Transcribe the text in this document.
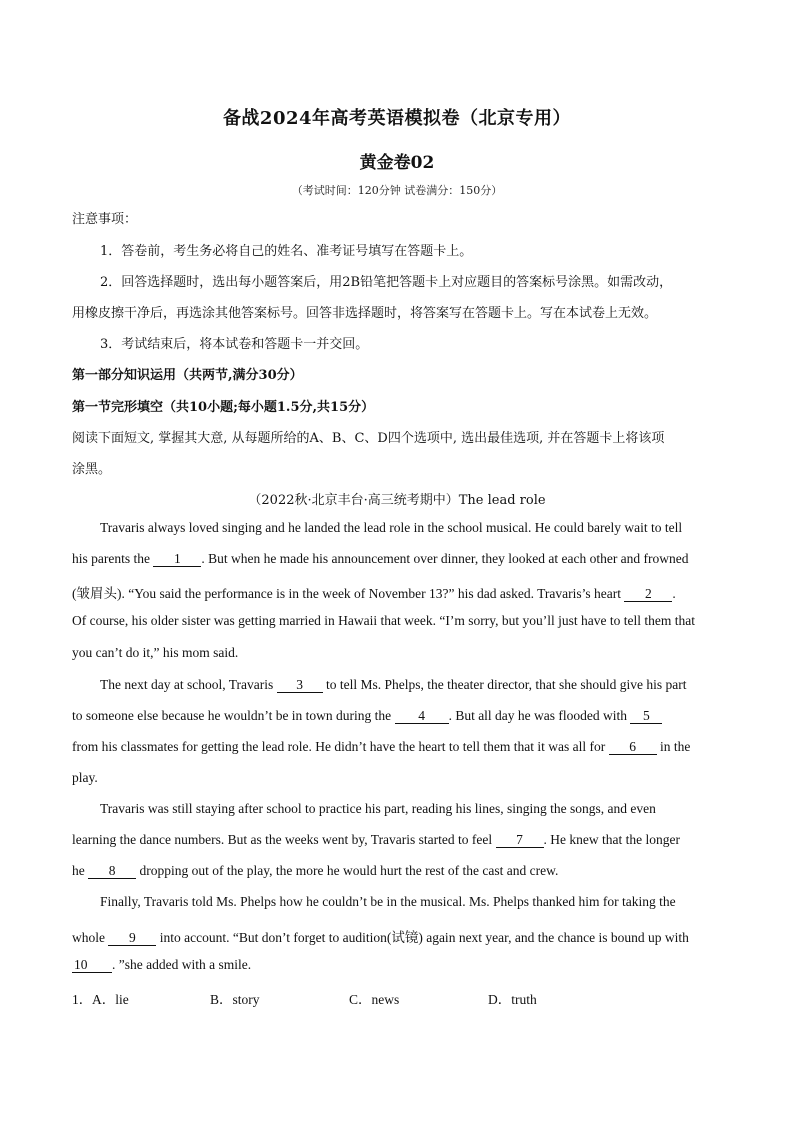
备战2024年高考英语模拟卷（北京专用）
黄金卷02
（考试时间：120分钟 试卷满分：150分）
注意事项：
1．答卷前，考生务必将自己的姓名、准考证号填写在答题卡上。
2．回答选择题时，选出每小题答案后，用2B铅笔把答题卡上对应题目的答案标号涂黑。如需改动，
用橡皮擦干净后，再选涂其他答案标号。回答非选择题时，将答案写在答题卡上。写在本试卷上无效。
3．考试结束后，将本试卷和答题卡一并交回。
第一部分知识运用（共两节,满分30分）
第一节完形填空（共10小题;每小题1.5分,共15分）
阅读下面短文, 掌握其大意, 从每题所给的A、B、C、D四个选项中, 选出最佳选项, 并在答题卡上将该项
涂黑。
（2022秋·北京丰台·高三统考期中）The lead role
Travaris always loved singing and he landed the lead role in the school musical. He could barely wait to tell
his parents the 1 . But when he made his announcement over dinner, they looked at each other and frowned
(皱眉头). “You said the performance is in the week of November 13?” his dad asked. Travaris’s heart 2 .
Of course, his older sister was getting married in Hawaii that week. “I’m sorry, but you’ll just have to tell them that
you can’t do it,” his mom said.
The next day at school, Travaris 3 to tell Ms. Phelps, the theater director, that she should give his part
to someone else because he wouldn’t be in town during the 4 . But all day he was flooded with 5
from his classmates for getting the lead role. He didn’t have the heart to tell them that it was all for 6 in the
play.
Travaris was still staying after school to practice his part, reading his lines, singing the songs, and even
learning the dance numbers. But as the weeks went by, Travaris started to feel 7 . He knew that the longer
he 8 dropping out of the play, the more he would hurt the rest of the cast and crew.
Finally, Travaris told Ms. Phelps how he couldn’t be in the musical. Ms. Phelps thanked him for taking the
whole 9 into account. “But don’t forget to audition(试镜) again next year, and the chance is bound up with
10 . ”she added with a smile.
1． A．lie	B．story	C．news	D．truth
